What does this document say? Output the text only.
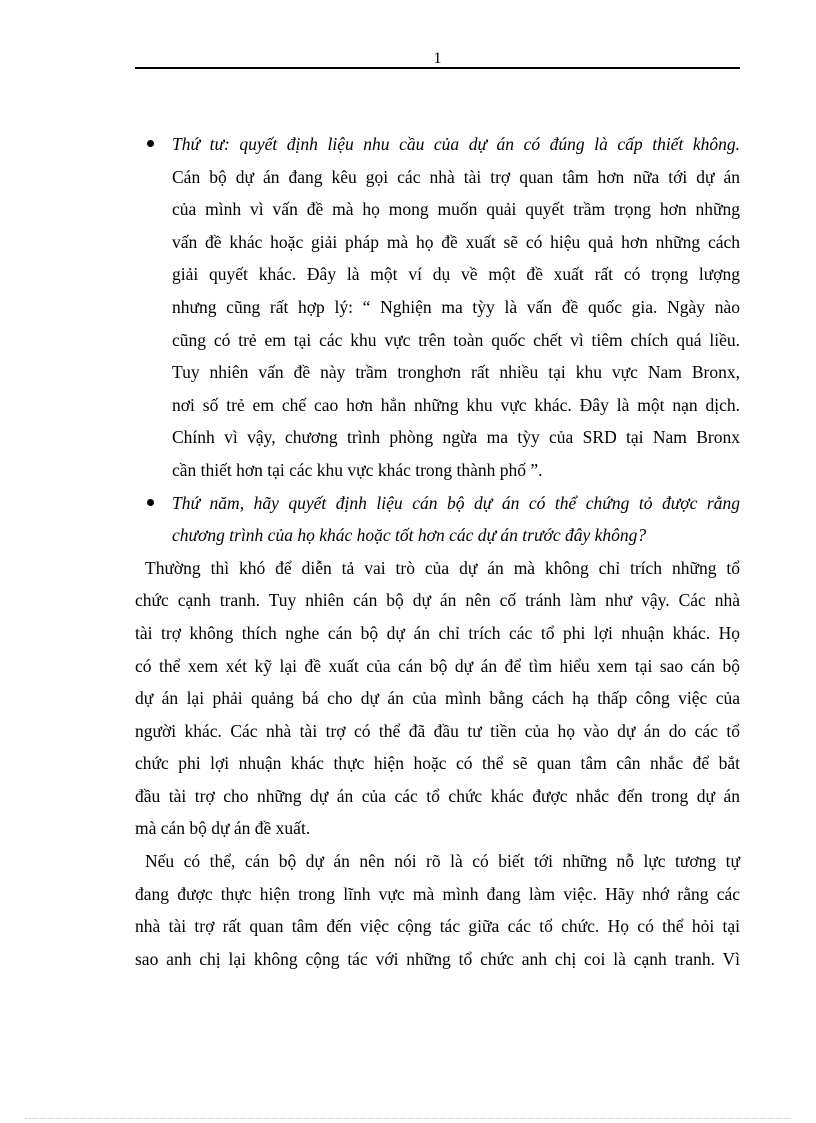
1
Thứ tư: quyết định liệu nhu cầu của dự án có đúng là cấp thiết không.
Cán bộ dự án đang kêu gọi các nhà tài trợ quan tâm hơn nữa tới dự án
của mình vì vấn đề mà họ mong muốn quải quyết trầm trọng hơn những
vấn đề khác hoặc giải pháp mà họ đề xuất sẽ có hiệu quả hơn những cách
giải quyết khác. Đây là một ví dụ về một đề xuất rất có trọng lượng
nhưng cũng rất hợp lý: “ Nghiện ma tỳy là vấn đề quốc gia. Ngày nào
cũng có trẻ em tại các khu vực trên toàn quốc chết vì tiêm chích quá liều.
Tuy nhiên vấn đề này trầm tronghơn rất nhiều tại khu vực Nam Bronx,
nơi số trẻ em chế cao hơn hẳn những khu vực khác. Đây là một nạn dịch.
Chính vì vậy, chương trình phòng ngừa ma tỳy của SRD tại Nam Bronx
cần thiết hơn tại các khu vực khác trong thành phố ”.
Thứ năm, hãy quyết định liệu cán bộ dự án có thể chứng tỏ được rằng
chương trình của họ khác hoặc tốt hơn các dự án trước đây không?
Thường thì khó để diễn tả vai trò của dự án mà không chỉ trích những tổ
chức cạnh tranh. Tuy nhiên cán bộ dự án nên cố tránh làm như vậy. Các nhà
tài trợ không thích nghe cán bộ dự án chỉ trích các tổ phi lợi nhuận khác. Họ
có thể xem xét kỹ lại đề xuất của cán bộ dự án để tìm hiểu xem tại sao cán bộ
dự án lại phải quảng bá cho dự án của mình bằng cách hạ thấp công việc của
người khác. Các nhà tài trợ có thể đã đầu tư tiền của họ vào dự án do các tổ
chức phi lợi nhuận khác thực hiện hoặc có thể sẽ quan tâm cân nhắc để bắt
đầu tài trợ cho những dự án của các tổ chức khác được nhắc đến trong dự án
mà cán bộ dự án đề xuất.
Nếu có thể, cán bộ dự án nên nói rõ là có biết tới những nỗ lực tương tự
đang được thực hiện trong lĩnh vực mà mình đang làm việc. Hãy nhớ rằng các
nhà tài trợ rất quan tâm đến việc cộng tác giữa các tổ chức. Họ có thể hỏi tại
sao anh chị lại không cộng tác với những tổ chức anh chị coi là cạnh tranh. Vì
